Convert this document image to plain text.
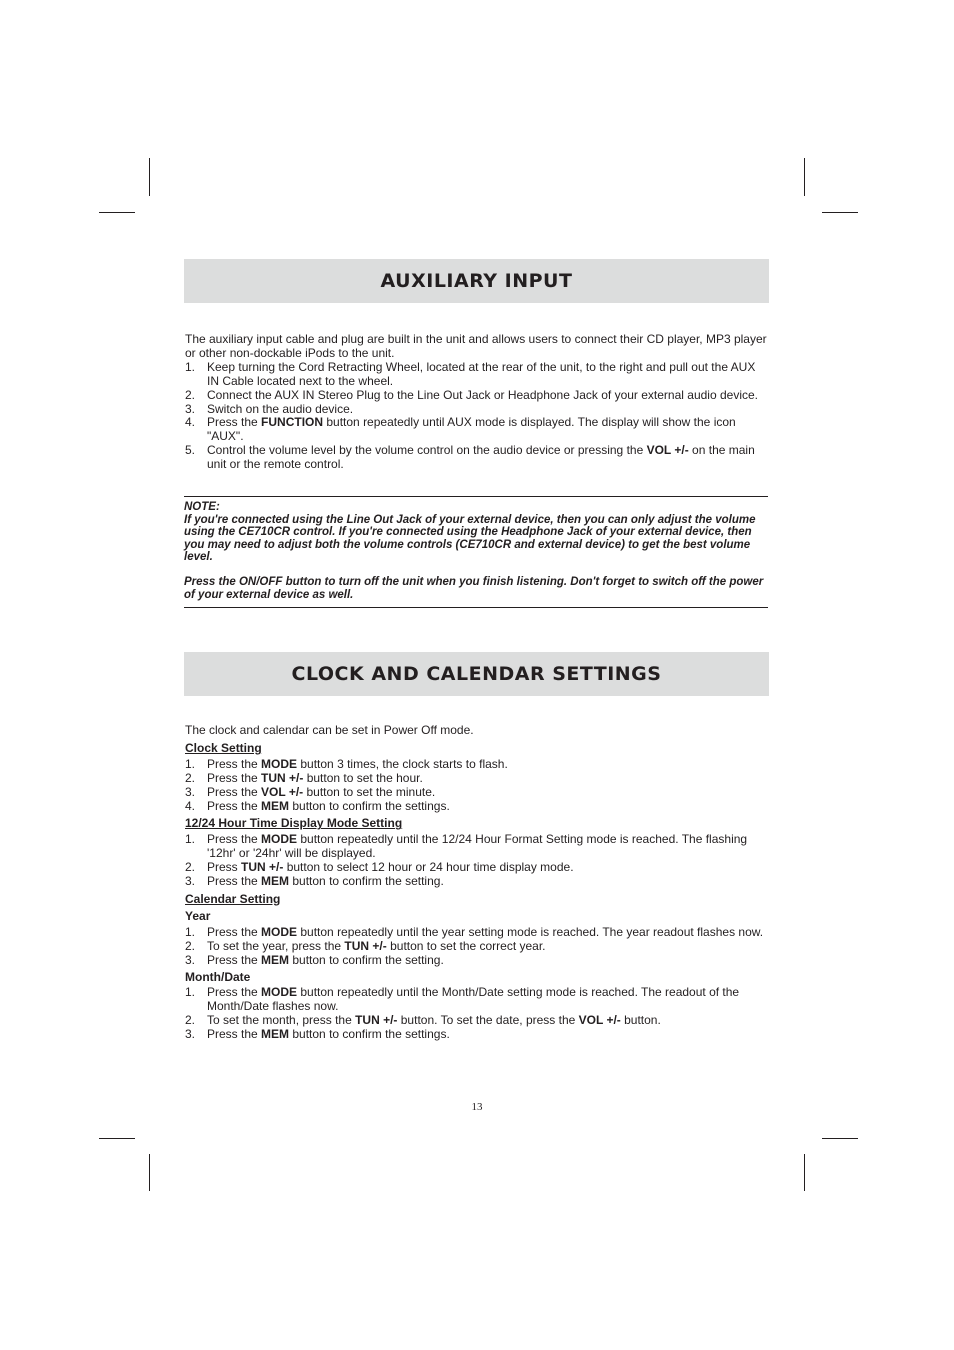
AUXILIARY INPUT

The auxiliary input cable and plug are built in the unit and allows users to connect their CD player, MP3 player or other non-dockable iPods to the unit.

1. Keep turning the Cord Retracting Wheel, located at the rear of the unit, to the right and pull out the AUX IN Cable located next to the wheel.
2. Connect the AUX IN Stereo Plug to the Line Out Jack or Headphone Jack of your external audio device.
3. Switch on the audio device.
4. Press the FUNCTION button repeatedly until AUX mode is displayed. The display will show the icon "AUX".
5. Control the volume level by the volume control on the audio device or pressing the VOL +/- on the main unit or the remote control.

NOTE:

If you're connected using the Line Out Jack of your external device, then you can only adjust the volume using the CE710CR control. If you're connected using the Headphone Jack of your external device, then you may need to adjust both the volume controls (CE710CR and external device) to get the best volume level.

Press the ON/OFF button to turn off the unit when you finish listening. Don't forget to switch off the power of your external device as well.

CLOCK AND CALENDAR SETTINGS

The clock and calendar can be set in Power Off mode.

Clock Setting

1. Press the MODE button 3 times, the clock starts to flash.
2. Press the TUN +/- button to set the hour.
3. Press the VOL +/- button to set the minute.
4. Press the MEM button to confirm the settings.

12/24 Hour Time Display Mode Setting

1. Press the MODE button repeatedly until the 12/24 Hour Format Setting mode is reached. The flashing '12hr' or '24hr' will be displayed.
2. Press TUN +/- button to select 12 hour or 24 hour time display mode.
3. Press the MEM button to confirm the setting.

Calendar Setting

Year

1. Press the MODE button repeatedly until the year setting mode is reached. The year readout flashes now.
2. To set the year, press the TUN +/- button to set the correct year.
3. Press the MEM button to confirm the setting.

Month/Date

1. Press the MODE button repeatedly until the Month/Date setting mode is reached. The readout of the Month/Date flashes now.
2. To set the month, press the TUN +/- button. To set the date, press the VOL +/- button.
3. Press the MEM button to confirm the settings.
13
